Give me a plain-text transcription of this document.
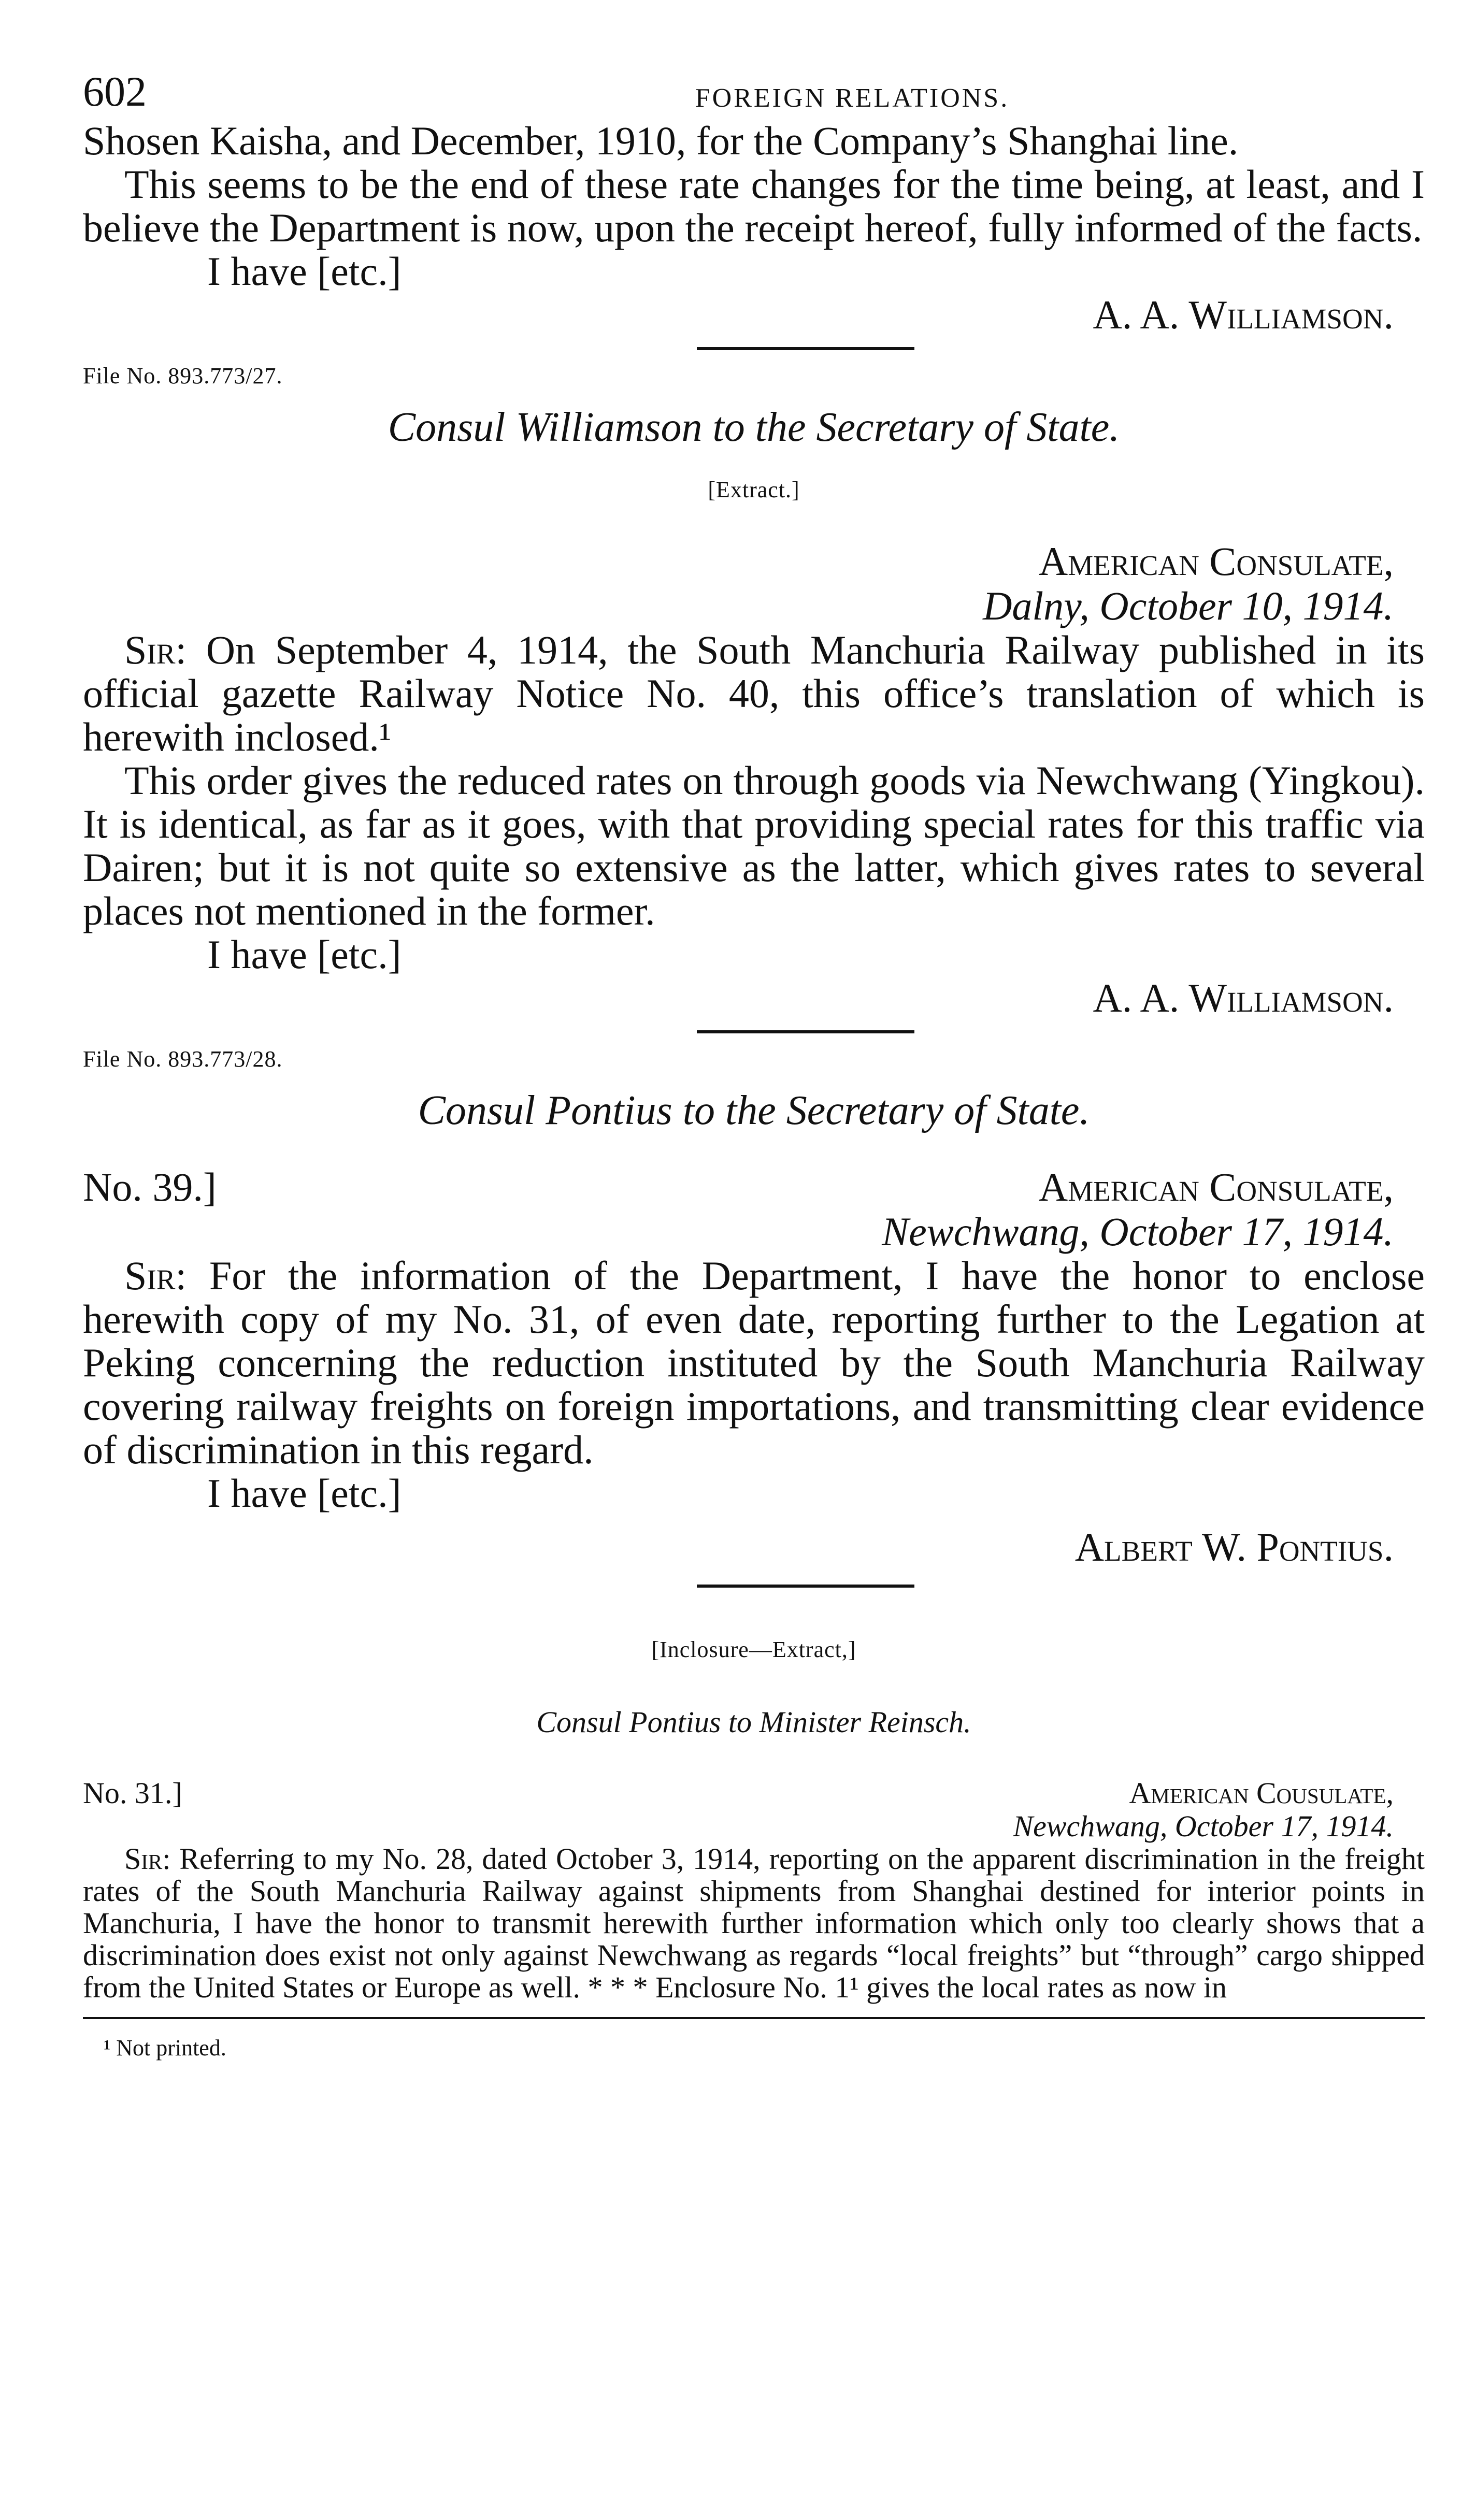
602	FOREIGN RELATIONS.

Shosen Kaisha, and December, 1910, for the Company’s Shanghai line.

This seems to be the end of these rate changes for the time being, at least, and I believe the Department is now, upon the receipt hereof, fully informed of the facts.

I have [etc.]

A. A. Williamson.

File No. 893.773/27.

Consul Williamson to the Secretary of State.

[Extract.]

American Consulate,

Dalny, October 10, 1914.

Sir: On September 4, 1914, the South Manchuria Railway published in its official gazette Railway Notice No. 40, this office’s translation of which is herewith inclosed.¹

This order gives the reduced rates on through goods via Newchwang (Yingkou). It is identical, as far as it goes, with that providing special rates for this traffic via Dairen; but it is not quite so extensive as the latter, which gives rates to several places not mentioned in the former.

I have [etc.]

A. A. Williamson.

File No. 893.773/28.

Consul Pontius to the Secretary of State.

No. 39.]	American Consulate,

Newchwang, October 17, 1914.

Sir: For the information of the Department, I have the honor to enclose herewith copy of my No. 31, of even date, reporting further to the Legation at Peking concerning the reduction instituted by the South Manchuria Railway covering railway freights on foreign importations, and transmitting clear evidence of discrimination in this regard.

I have [etc.]

Albert W. Pontius.

[Inclosure—Extract,]

Consul Pontius to Minister Reinsch.

No. 31.]	American Cousulate,

Newchwang, October 17, 1914.

Sir: Referring to my No. 28, dated October 3, 1914, reporting on the apparent discrimination in the freight rates of the South Manchuria Railway against shipments from Shanghai destined for interior points in Manchuria, I have the honor to transmit herewith further information which only too clearly shows that a discrimination does exist not only against Newchwang as regards “local freights” but “through” cargo shipped from the United States or Europe as well. * * * Enclosure No. 1¹ gives the local rates as now in

¹ Not printed.
